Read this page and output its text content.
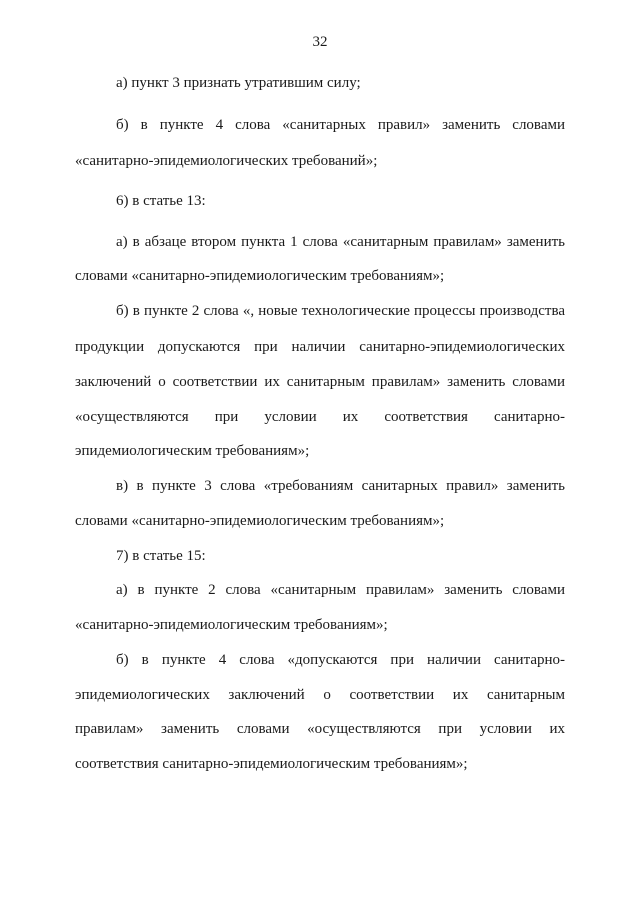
32
а) пункт 3 признать утратившим силу;
б) в пункте 4 слова «санитарных правил» заменить словами
«санитарно-эпидемиологических требований»;
6) в статье 13:
а) в абзаце втором пункта 1 слова «санитарным правилам» заменить
словами «санитарно-эпидемиологическим требованиям»;
б) в пункте 2 слова «, новые технологические процессы производства
продукции допускаются при наличии санитарно-эпидемиологических
заключений о соответствии их санитарным правилам» заменить словами
«осуществляются при условии их соответствия санитарно-
эпидемиологическим требованиям»;
в) в пункте 3 слова «требованиям санитарных правил» заменить
словами «санитарно-эпидемиологическим требованиям»;
7) в статье 15:
а) в пункте 2 слова «санитарным правилам» заменить словами
«санитарно-эпидемиологическим требованиям»;
б) в пункте 4 слова «допускаются при наличии санитарно-
эпидемиологических заключений о соответствии их санитарным
правилам» заменить словами «осуществляются при условии их
соответствия санитарно-эпидемиологическим требованиям»;
